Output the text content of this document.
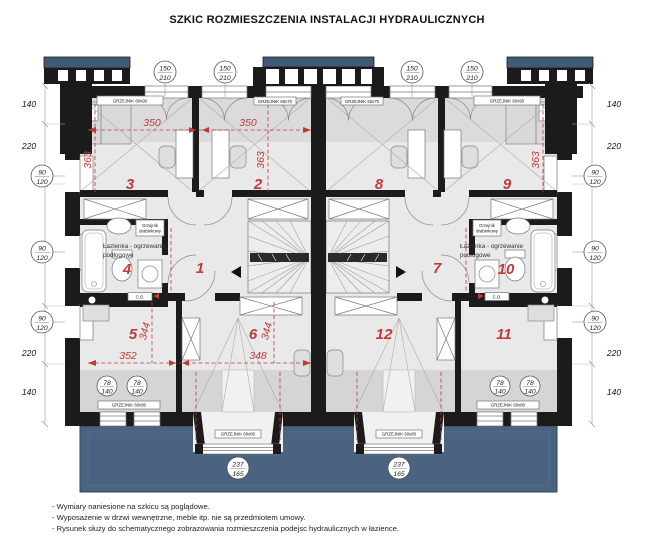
SZKIC ROZMIESZCZENIA INSTALACJI HYDRAULICZNYCH
140
220
220
140
140
220
220
140
350	350
363	363	363
352	348
344	344
3	2	8	9
1	7
4	10
5	6	12	11
GRZEJNIK 60x90	GRZEJNIK 60x90
GRZEJNIK 60x70	GRZEJNIK 60x70
GRZEJNIK 60x80	GRZEJNIK 60x80
GRZEJNIK 60x80	GRZEJNIK 60x80
C.O.	C.O.
Grzejnik
drabinkowy
Grzejnik
drabinkowy
Łazienka - ogrzewanie
podłogowe
Łazienka - ogrzewanie
podłogowe
150
210
150
210
150
210
150
210
90
120
90
120
90
120
90
120
90
120
90
120
78
140
78
140
78
140
78
140
237
165
237
165
- Wymiary naniesione na szkicu są poglądowe.
- Wyposażenie w drzwi wewnętrzne, meble itp. nie są przedmiotem umowy.
- Rysunek służy do schematycznego zobrazowania rozmieszczenia podejsc hydraulicznych w łazience.
